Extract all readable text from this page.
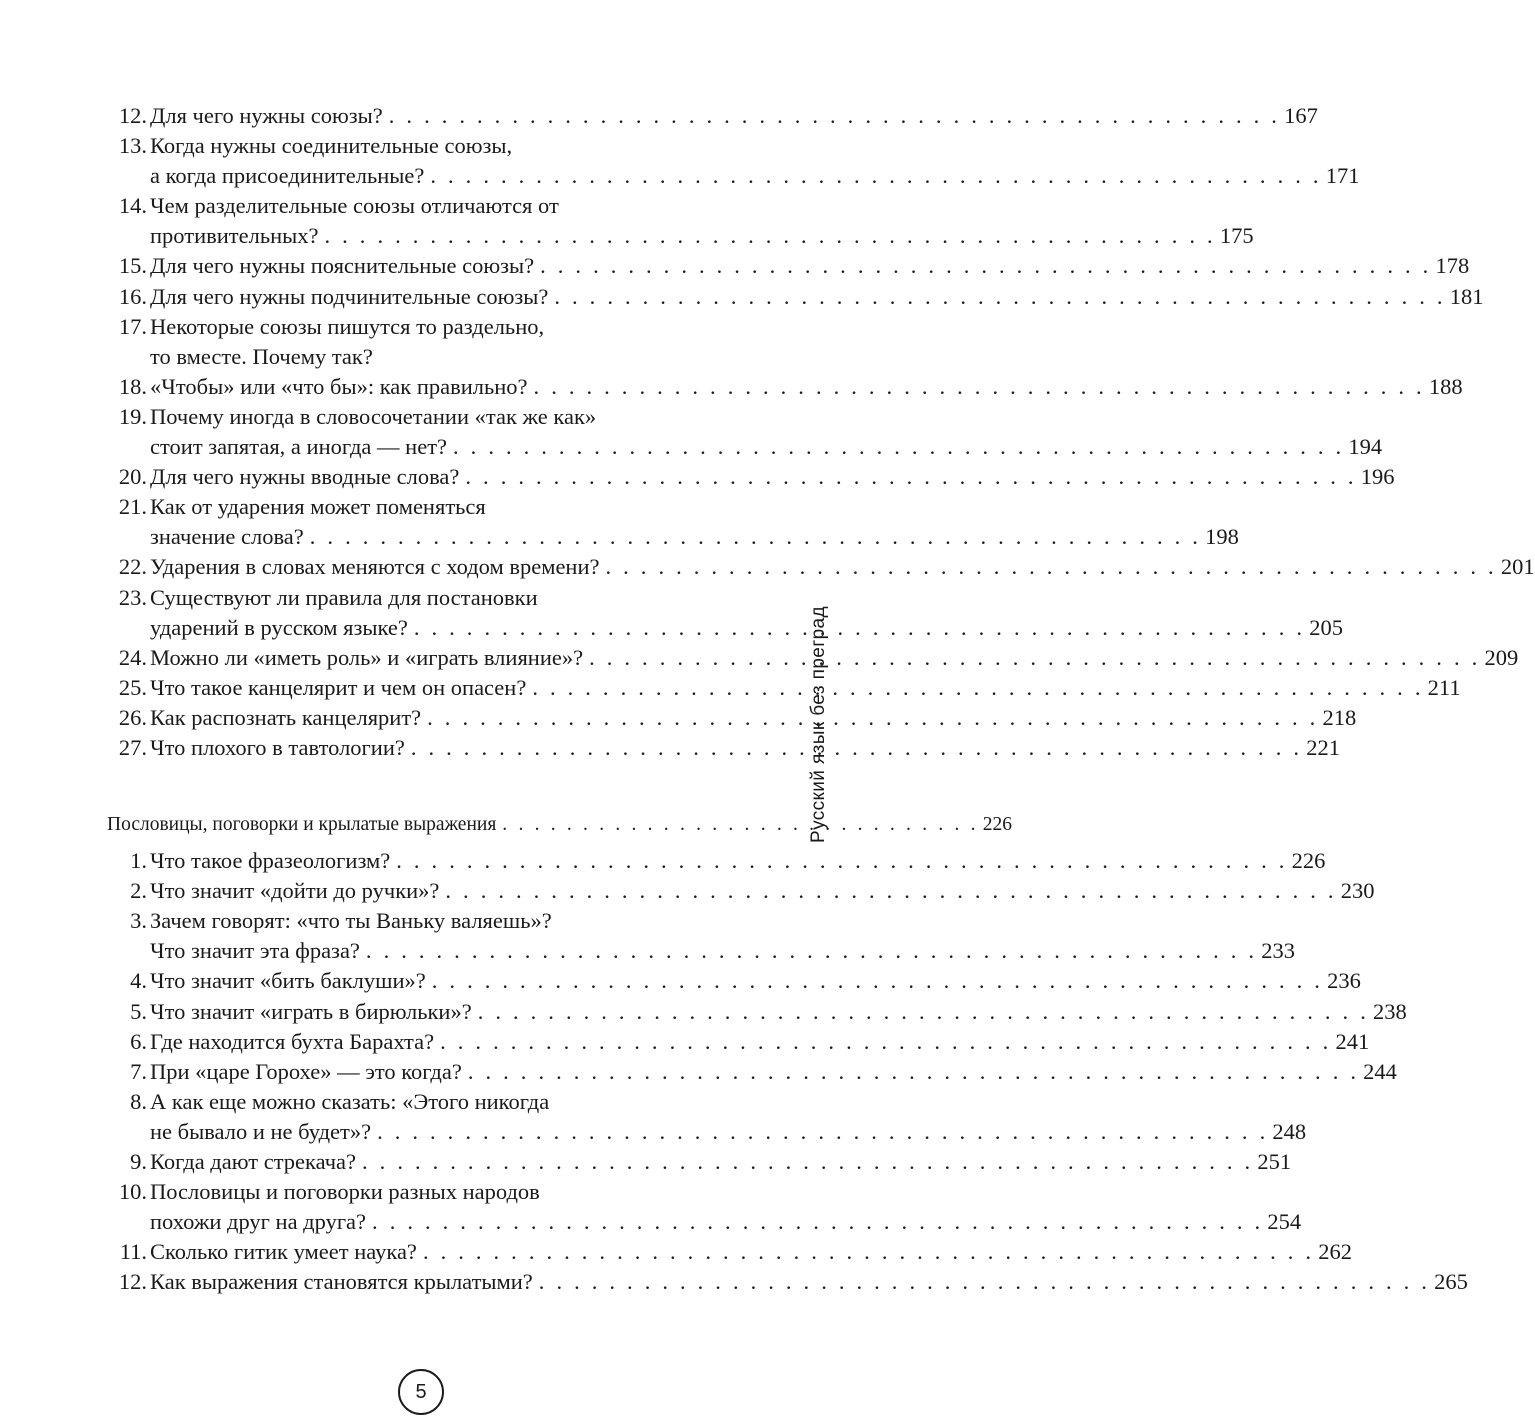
12. Для чего нужны союзы? . . . . . . . . . . . . . . . . . . . . . . . . . . . . . . . . . . . . . . . . . . . . . . . . . . . 167
13. Когда нужны соединительные союзы,
а когда присоединительные? . . . . . . . . . . . . . . . . . . . . . . . . . . . . . . . . . . . . . . . . . . . . . . . . . . . 171
14. Чем разделительные союзы отличаются от
противительных? . . . . . . . . . . . . . . . . . . . . . . . . . . . . . . . . . . . . . . . . . . . . . . . . . . . 175
15. Для чего нужны пояснительные союзы? . . . . . . . . . . . . . . . . . . . . . . . . . . . . . . . . . . . . . . . . . . . . . . . . . . . 178
16. Для чего нужны подчинительные союзы? . . . . . . . . . . . . . . . . . . . . . . . . . . . . . . . . . . . . . . . . . . . . . . . . . . . 181
17. Некоторые союзы пишутся то раздельно,
то вместе. Почему так?
18. «Чтобы» или «что бы»: как правильно? . . . . . . . . . . . . . . . . . . . . . . . . . . . . . . . . . . . . . . . . . . . . . . . . . . . 188
19. Почему иногда в словосочетании «так же как»
стоит запятая, а иногда — нет? . . . . . . . . . . . . . . . . . . . . . . . . . . . . . . . . . . . . . . . . . . . . . . . . . . . 194
20. Для чего нужны вводные слова? . . . . . . . . . . . . . . . . . . . . . . . . . . . . . . . . . . . . . . . . . . . . . . . . . . . 196
21. Как от ударения может поменяться
значение слова? . . . . . . . . . . . . . . . . . . . . . . . . . . . . . . . . . . . . . . . . . . . . . . . . . . . 198
22. Ударения в словах меняются с ходом времени? . . . . . . . . . . . . . . . . . . . . . . . . . . . . . . . . . . . . . . . . . . . . . . . . . . . 201
23. Существуют ли правила для постановки
ударений в русском языке? . . . . . . . . . . . . . . . . . . . . . . . . . . . . . . . . . . . . . . . . . . . . . . . . . . . 205
24. Можно ли «иметь роль» и «играть влияние»? . . . . . . . . . . . . . . . . . . . . . . . . . . . . . . . . . . . . . . . . . . . . . . . . . . . 209
25. Что такое канцелярит и чем он опасен? . . . . . . . . . . . . . . . . . . . . . . . . . . . . . . . . . . . . . . . . . . . . . . . . . . . 211
26. Как распознать канцелярит? . . . . . . . . . . . . . . . . . . . . . . . . . . . . . . . . . . . . . . . . . . . . . . . . . . . 218
27. Что плохого в тавтологии? . . . . . . . . . . . . . . . . . . . . . . . . . . . . . . . . . . . . . . . . . . . . . . . . . . . 221
Пословицы, поговорки и крылатые выражения . . . . . . . . . . . . . . . . . . . . . . . . . . . . . . 226
1. Что такое фразеологизм? . . . . . . . . . . . . . . . . . . . . . . . . . . . . . . . . . . . . . . . . . . . . . . . . . . . 226
2. Что значит «дойти до ручки»? . . . . . . . . . . . . . . . . . . . . . . . . . . . . . . . . . . . . . . . . . . . . . . . . . . . 230
3. Зачем говорят: «что ты Ваньку валяешь»?
Что значит эта фраза? . . . . . . . . . . . . . . . . . . . . . . . . . . . . . . . . . . . . . . . . . . . . . . . . . . . 233
4. Что значит «бить баклуши»? . . . . . . . . . . . . . . . . . . . . . . . . . . . . . . . . . . . . . . . . . . . . . . . . . . . 236
5. Что значит «играть в бирюльки»? . . . . . . . . . . . . . . . . . . . . . . . . . . . . . . . . . . . . . . . . . . . . . . . . . . . 238
6. Где находится бухта Барахта? . . . . . . . . . . . . . . . . . . . . . . . . . . . . . . . . . . . . . . . . . . . . . . . . . . . 241
7. При «царе Горохе» — это когда? . . . . . . . . . . . . . . . . . . . . . . . . . . . . . . . . . . . . . . . . . . . . . . . . . . . 244
8. А как еще можно сказать: «Этого никогда
не бывало и не будет»? . . . . . . . . . . . . . . . . . . . . . . . . . . . . . . . . . . . . . . . . . . . . . . . . . . . 248
9. Когда дают стрекача? . . . . . . . . . . . . . . . . . . . . . . . . . . . . . . . . . . . . . . . . . . . . . . . . . . . 251
10. Пословицы и поговорки разных народов
похожи друг на друга? . . . . . . . . . . . . . . . . . . . . . . . . . . . . . . . . . . . . . . . . . . . . . . . . . . . 254
11. Сколько гитик умеет наука? . . . . . . . . . . . . . . . . . . . . . . . . . . . . . . . . . . . . . . . . . . . . . . . . . . . 262
12. Как выражения становятся крылатыми? . . . . . . . . . . . . . . . . . . . . . . . . . . . . . . . . . . . . . . . . . . . . . . . . . . . 265
Русский язык без преград
5
